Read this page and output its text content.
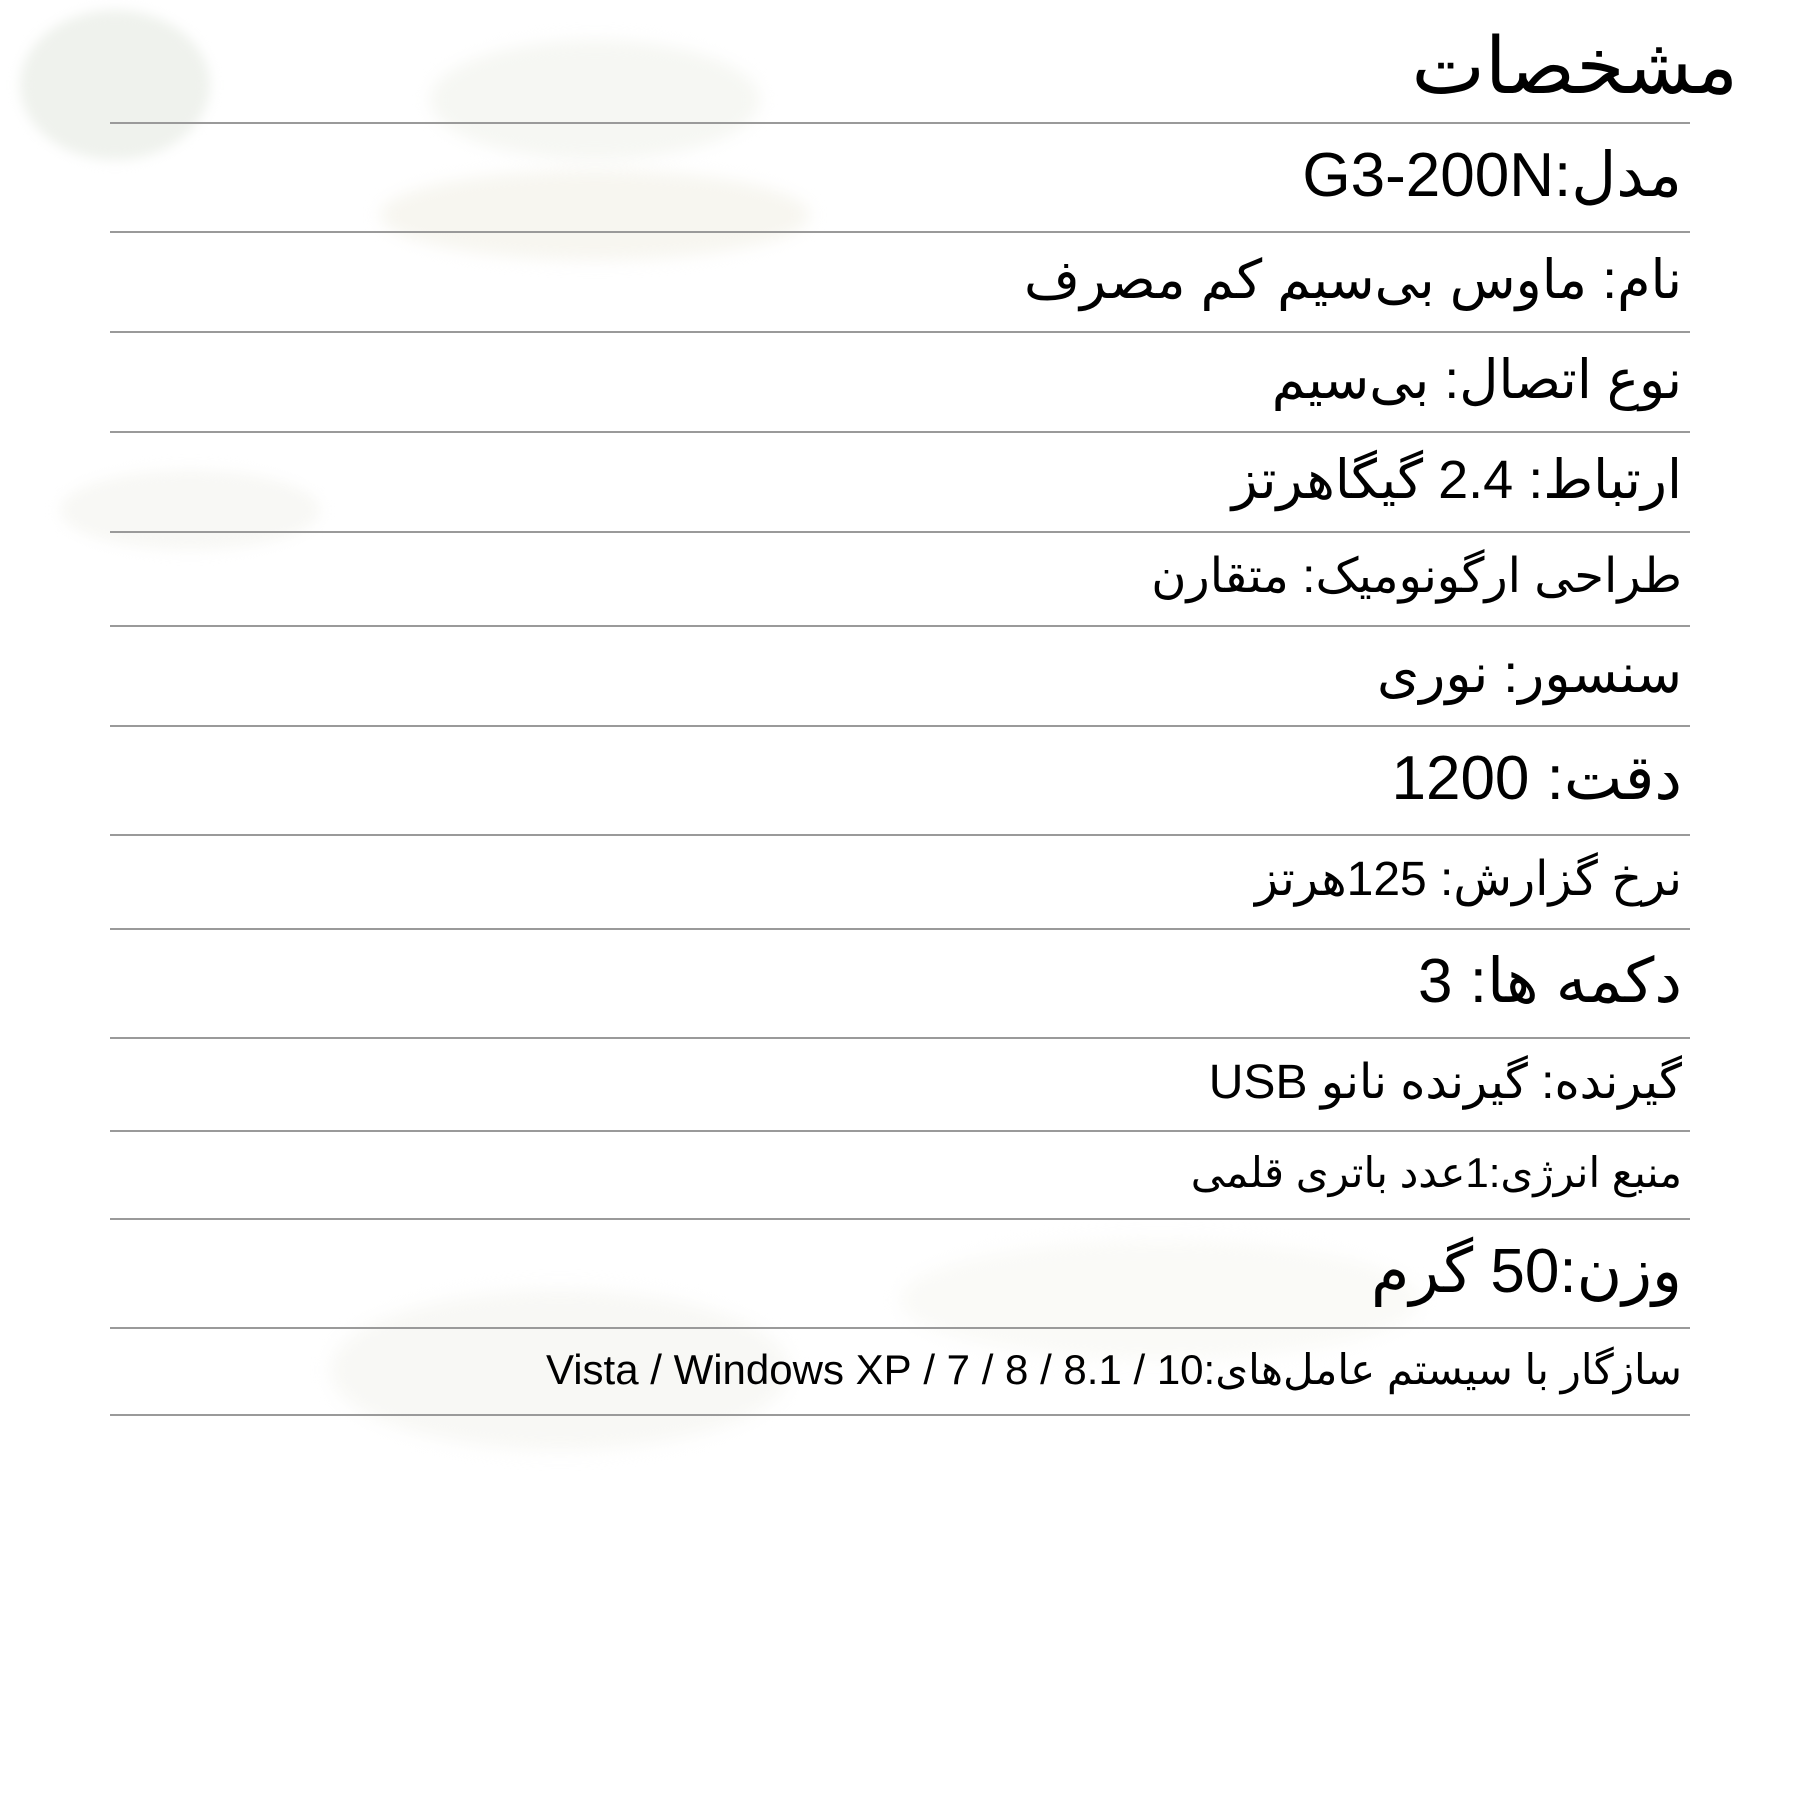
مشخصات
مدل:G3-200N

نام: ماوس بی‌سیم کم مصرف

نوع اتصال: بی‌سیم

ارتباط: 2.4 گیگاهرتز

طراحی ارگونومیک: متقارن

سنسور: نوری

دقت: 1200

نرخ گزارش: 125هرتز

دکمه ها: 3

گیرنده: گیرنده نانو USB

منبع انرژی:1عدد باتری قلمی

وزن:50 گرم

سازگار با سیستم عامل‌های:10 / 8.1 / 8 / 7 / Vista / Windows XP
